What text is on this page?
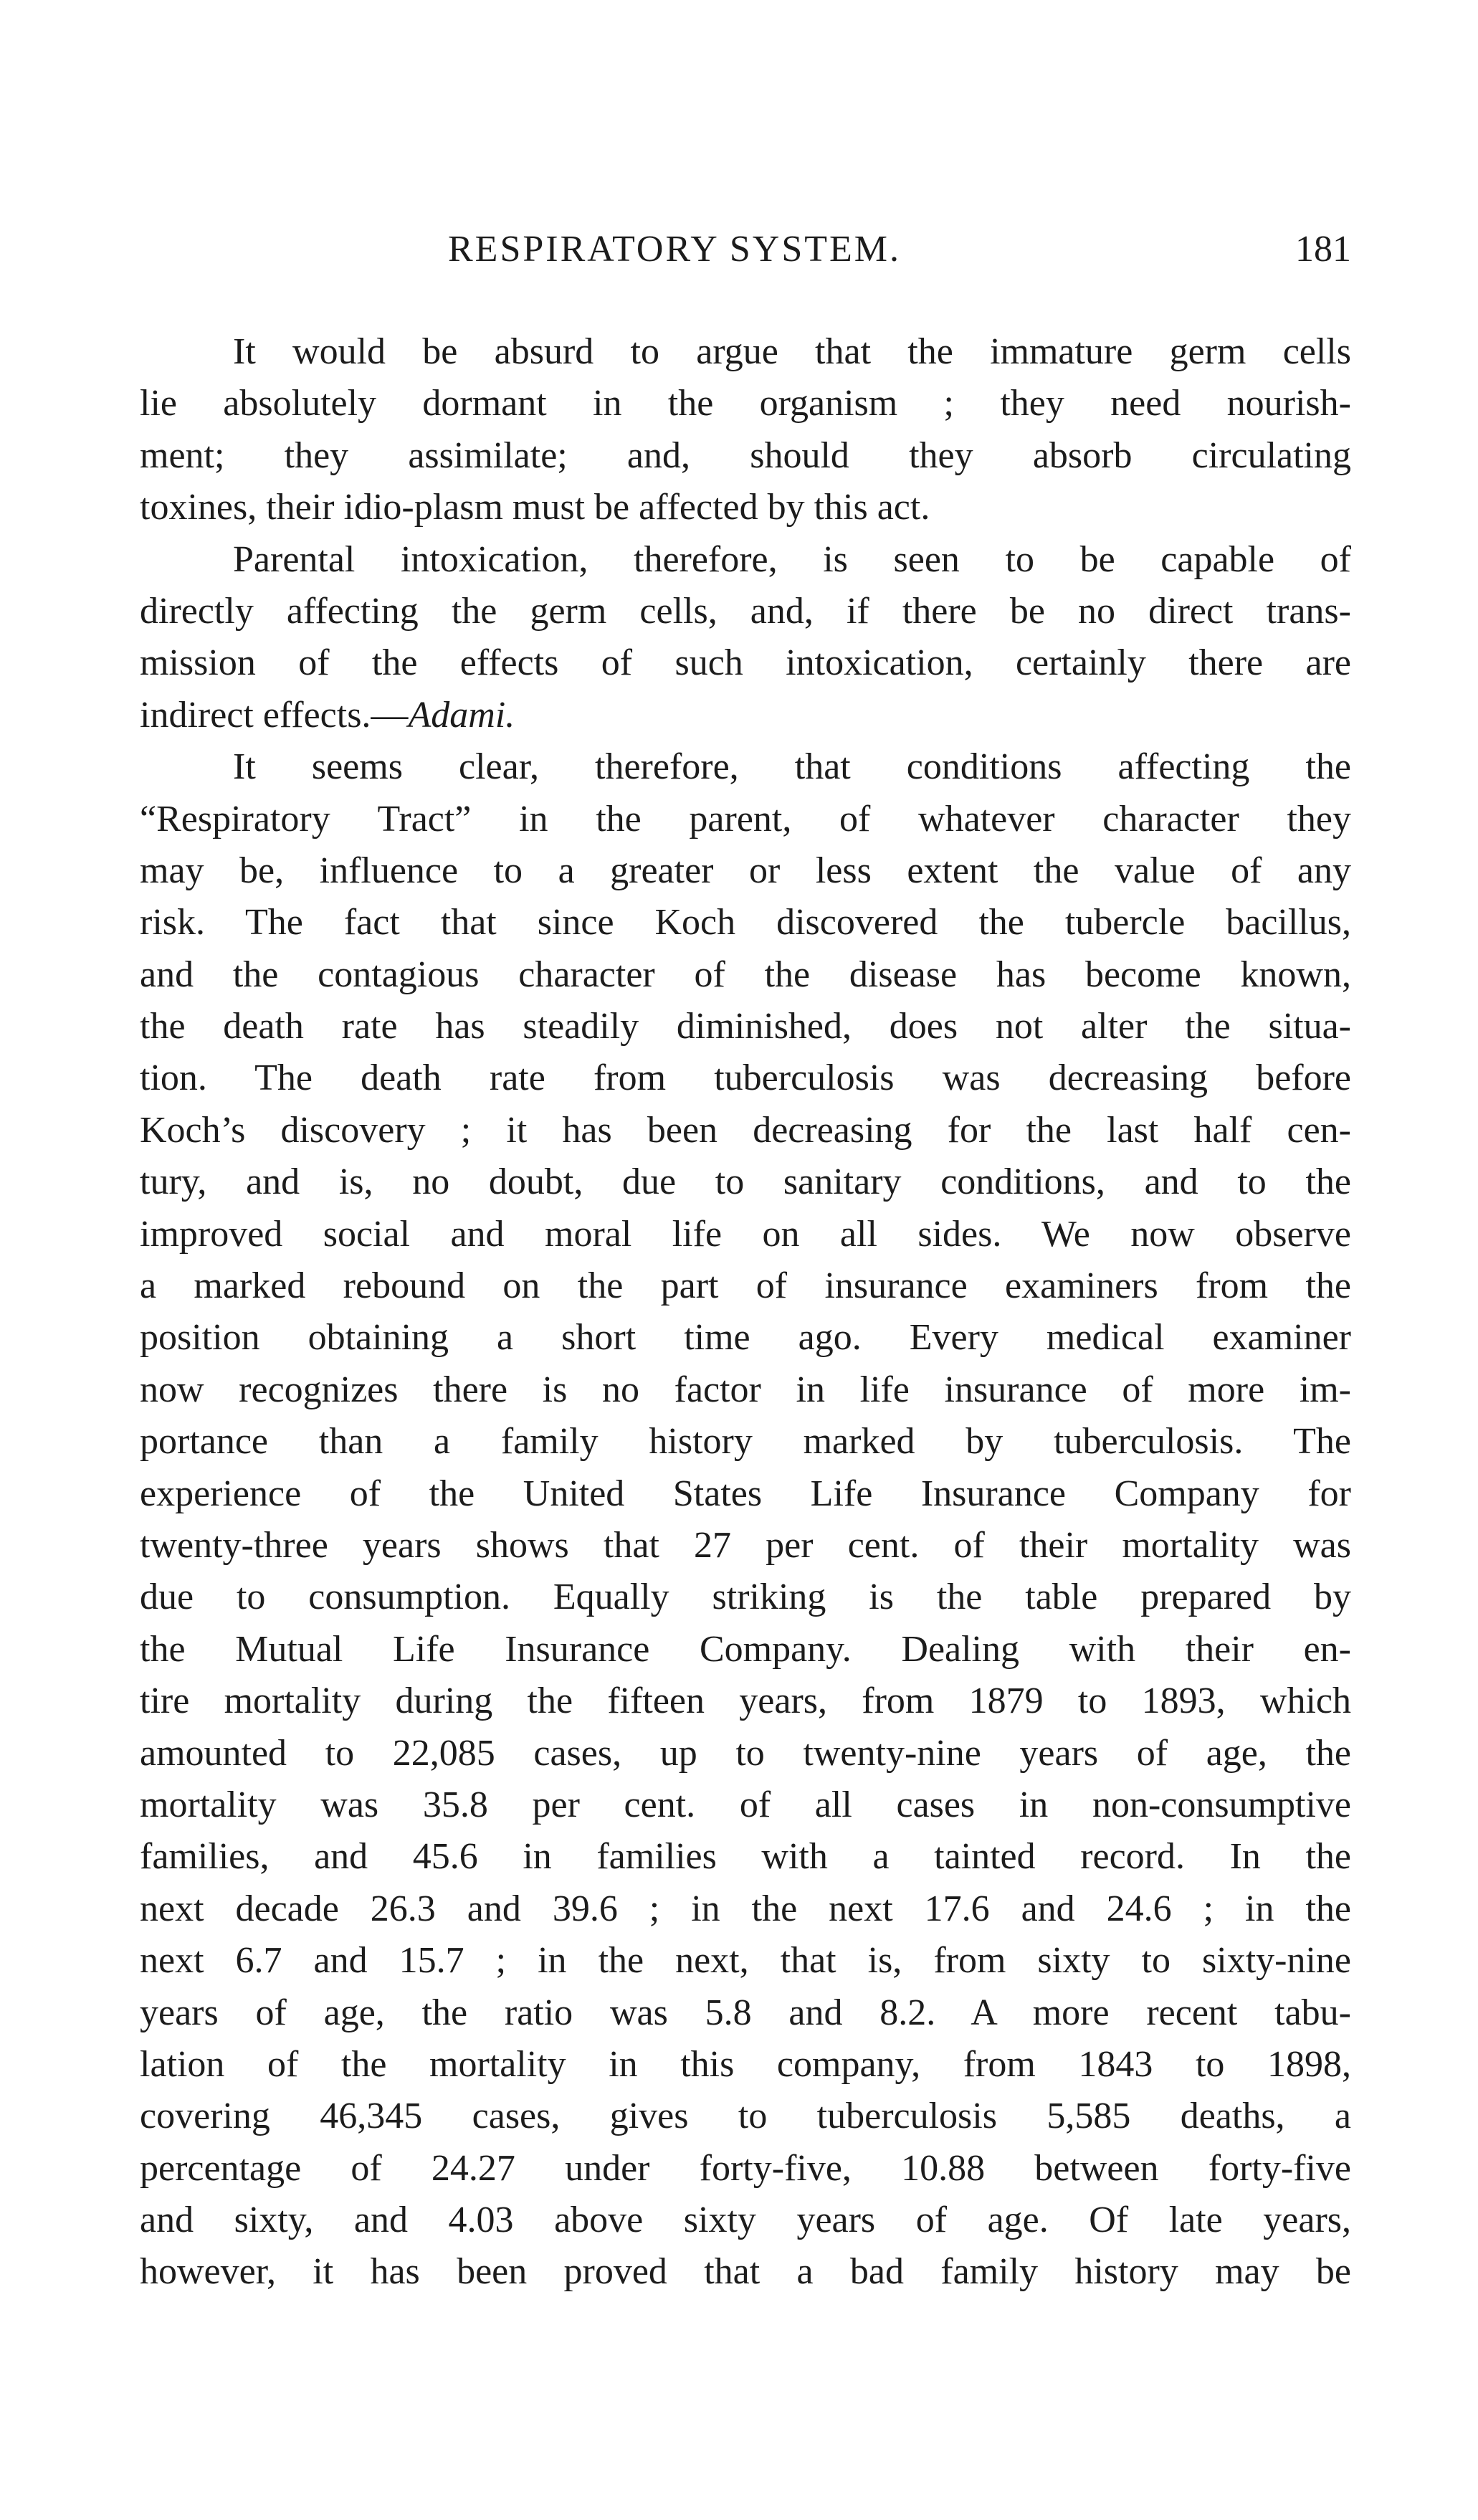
RESPIRATORY SYSTEM.	181
It would be absurd to argue that the immature germ cells
lie absolutely dormant in the organism ; they need nourish-
ment; they assimilate; and, should they absorb circulating
toxines, their idio-plasm must be affected by this act.
Parental intoxication, therefore, is seen to be capable of
directly affecting the germ cells, and, if there be no direct trans-
mission of the effects of such intoxication, certainly there are
indirect effects.—Adami.
It seems clear, therefore, that conditions affecting the
“Respiratory Tract” in the parent, of whatever character they
may be, influence to a greater or less extent the value of any
risk. The fact that since Koch discovered the tubercle bacillus,
and the contagious character of the disease has become known,
the death rate has steadily diminished, does not alter the situa-
tion. The death rate from tuberculosis was decreasing before
Koch’s discovery ; it has been decreasing for the last half cen-
tury, and is, no doubt, due to sanitary conditions, and to the
improved social and moral life on all sides. We now observe
a marked rebound on the part of insurance examiners from the
position obtaining a short time ago. Every medical examiner
now recognizes there is no factor in life insurance of more im-
portance than a family history marked by tuberculosis. The
experience of the United States Life Insurance Company for
twenty-three years shows that 27 per cent. of their mortality was
due to consumption. Equally striking is the table prepared by
the Mutual Life Insurance Company. Dealing with their en-
tire mortality during the fifteen years, from 1879 to 1893, which
amounted to 22,085 cases, up to twenty-nine years of age, the
mortality was 35.8 per cent. of all cases in non-consumptive
families, and 45.6 in families with a tainted record. In the
next decade 26.3 and 39.6 ; in the next 17.6 and 24.6 ; in the
next 6.7 and 15.7 ; in the next, that is, from sixty to sixty-nine
years of age, the ratio was 5.8 and 8.2. A more recent tabu-
lation of the mortality in this company, from 1843 to 1898,
covering 46,345 cases, gives to tuberculosis 5,585 deaths, a
percentage of 24.27 under forty-five, 10.88 between forty-five
and sixty, and 4.03 above sixty years of age. Of late years,
however, it has been proved that a bad family history may be
